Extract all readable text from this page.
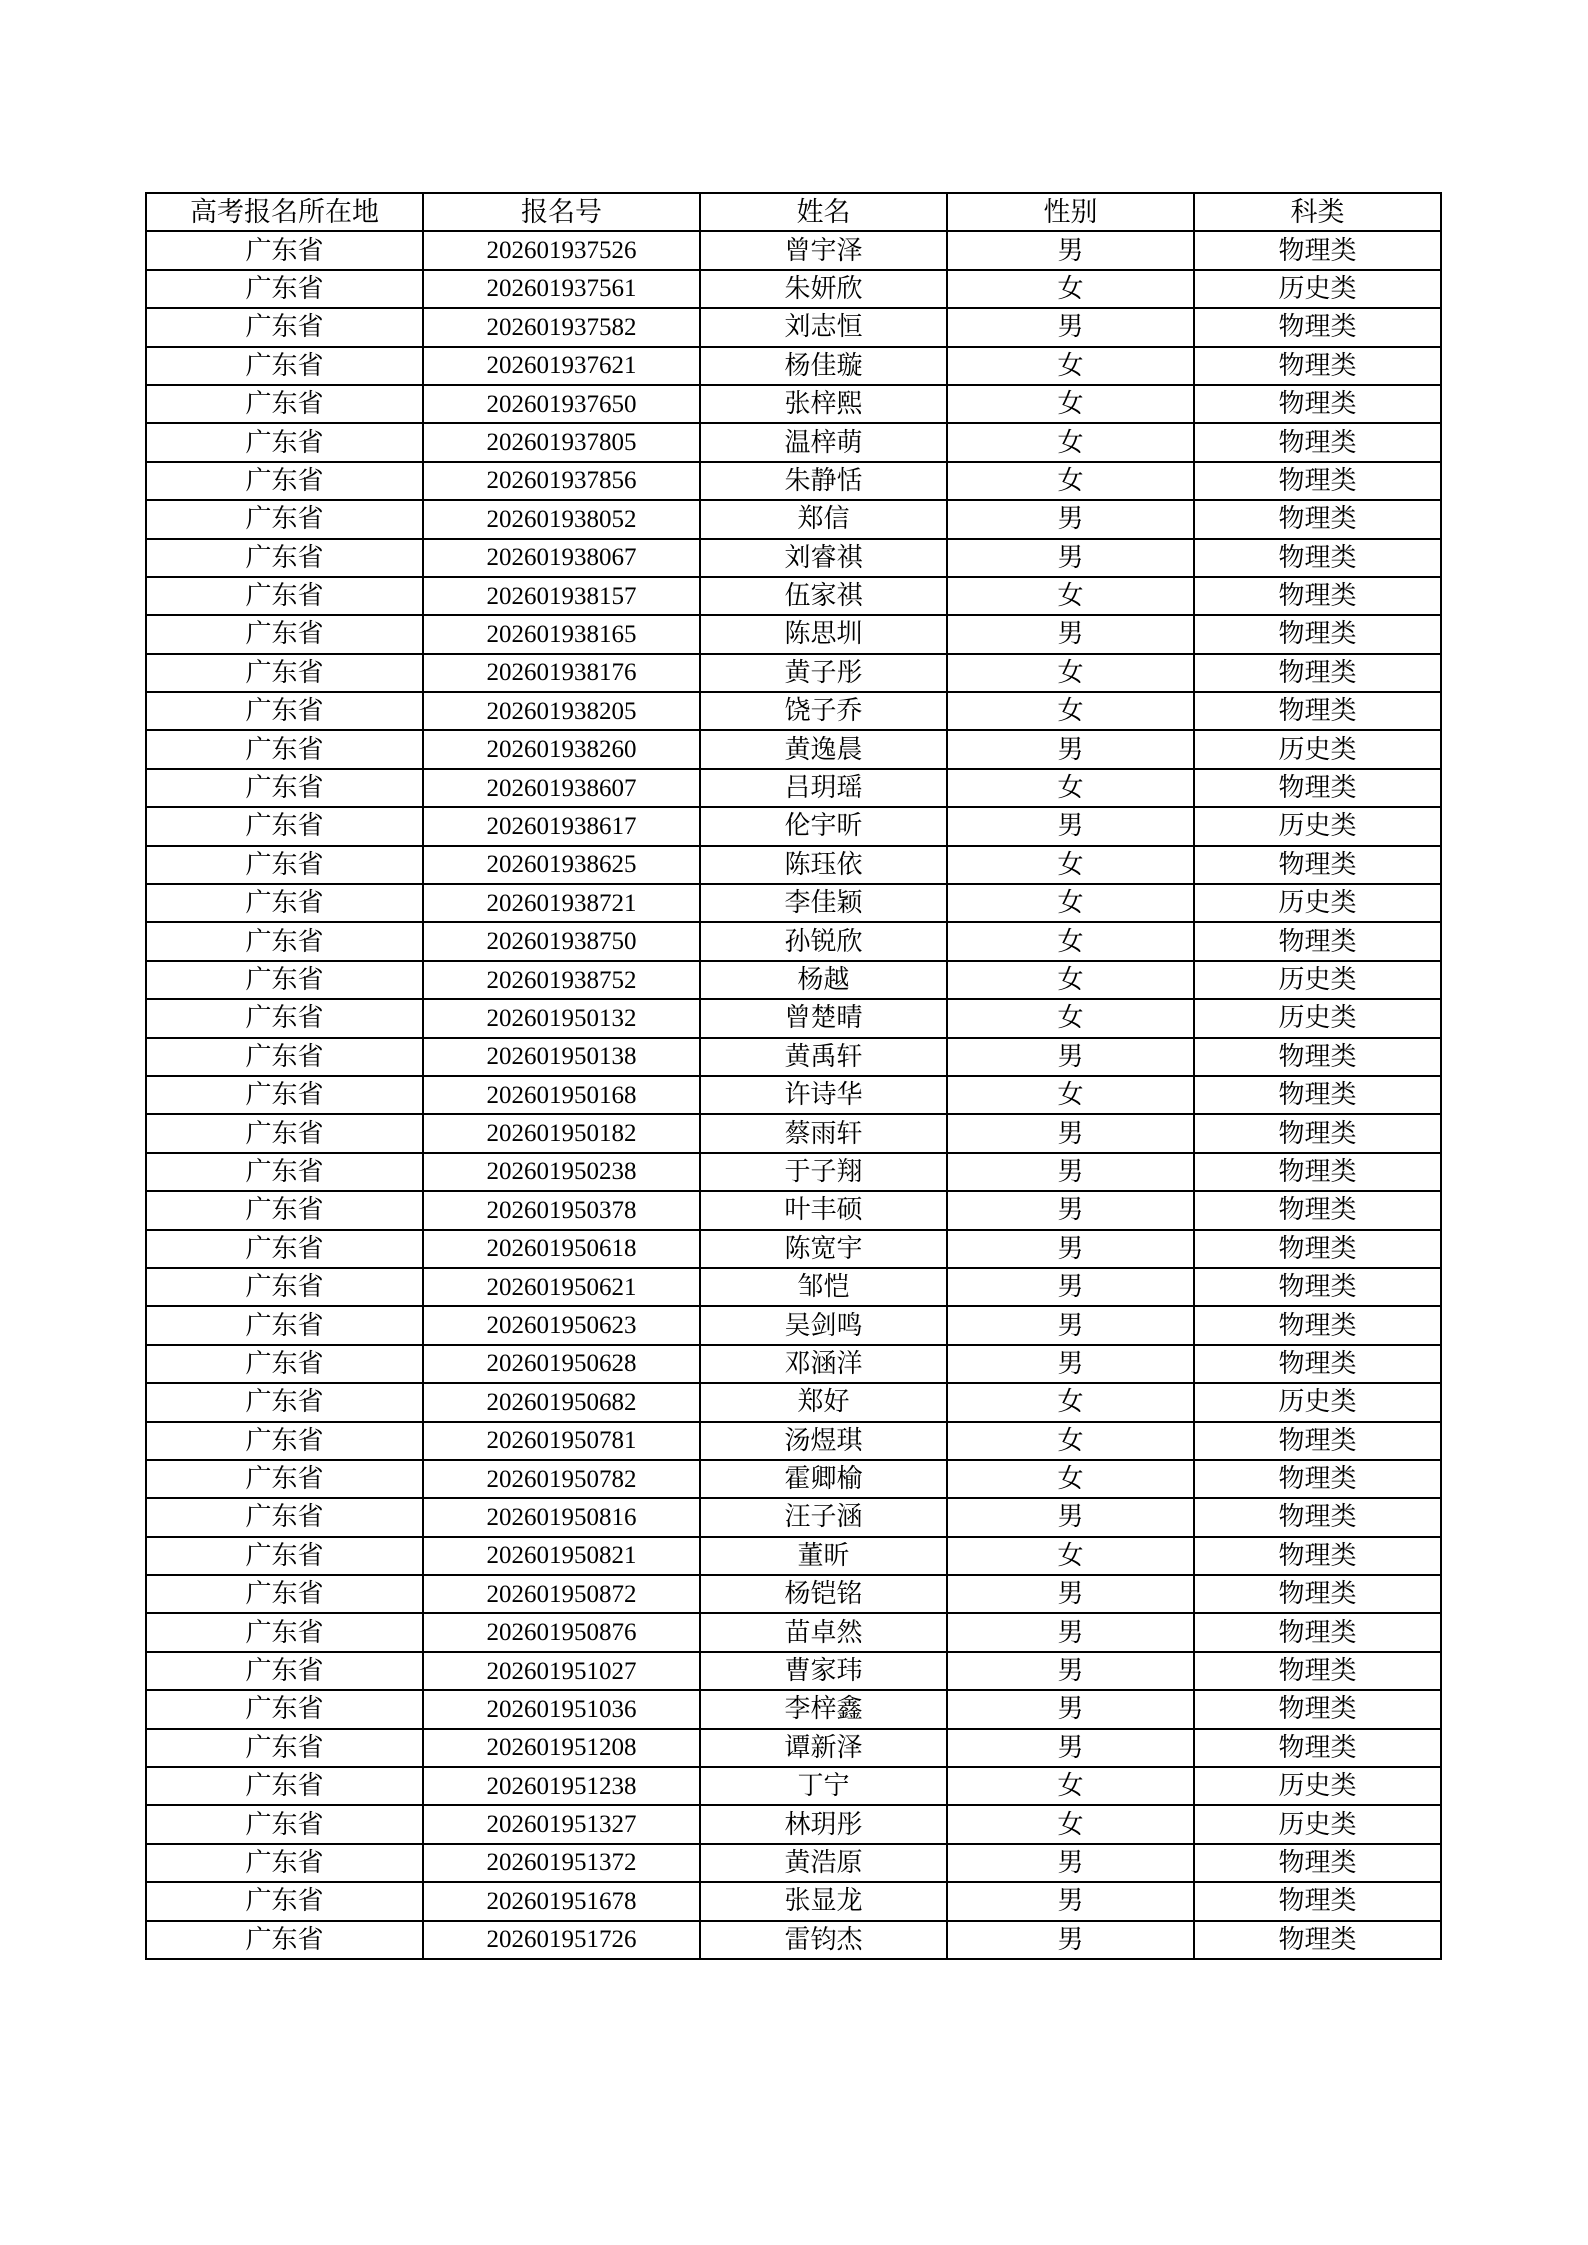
高考报名所在地	报名号	姓名	性别	科类
广东省	202601937526	曾宇泽	男	物理类
广东省	202601937561	朱妍欣	女	历史类
广东省	202601937582	刘志恒	男	物理类
广东省	202601937621	杨佳璇	女	物理类
广东省	202601937650	张梓熙	女	物理类
广东省	202601937805	温梓萌	女	物理类
广东省	202601937856	朱静恬	女	物理类
广东省	202601938052	郑信	男	物理类
广东省	202601938067	刘睿祺	男	物理类
广东省	202601938157	伍家祺	女	物理类
广东省	202601938165	陈思圳	男	物理类
广东省	202601938176	黄子彤	女	物理类
广东省	202601938205	饶子乔	女	物理类
广东省	202601938260	黄逸晨	男	历史类
广东省	202601938607	吕玥瑶	女	物理类
广东省	202601938617	伦宇昕	男	历史类
广东省	202601938625	陈珏依	女	物理类
广东省	202601938721	李佳颖	女	历史类
广东省	202601938750	孙锐欣	女	物理类
广东省	202601938752	杨越	女	历史类
广东省	202601950132	曾楚晴	女	历史类
广东省	202601950138	黄禹轩	男	物理类
广东省	202601950168	许诗华	女	物理类
广东省	202601950182	蔡雨轩	男	物理类
广东省	202601950238	于子翔	男	物理类
广东省	202601950378	叶丰硕	男	物理类
广东省	202601950618	陈宽宇	男	物理类
广东省	202601950621	邹恺	男	物理类
广东省	202601950623	吴剑鸣	男	物理类
广东省	202601950628	邓涵洋	男	物理类
广东省	202601950682	郑好	女	历史类
广东省	202601950781	汤煜琪	女	物理类
广东省	202601950782	霍卿榆	女	物理类
广东省	202601950816	汪子涵	男	物理类
广东省	202601950821	董昕	女	物理类
广东省	202601950872	杨铠铭	男	物理类
广东省	202601950876	苗卓然	男	物理类
广东省	202601951027	曹家玮	男	物理类
广东省	202601951036	李梓鑫	男	物理类
广东省	202601951208	谭新泽	男	物理类
广东省	202601951238	丁宁	女	历史类
广东省	202601951327	林玥彤	女	历史类
广东省	202601951372	黄浩原	男	物理类
广东省	202601951678	张显龙	男	物理类
广东省	202601951726	雷钧杰	男	物理类
